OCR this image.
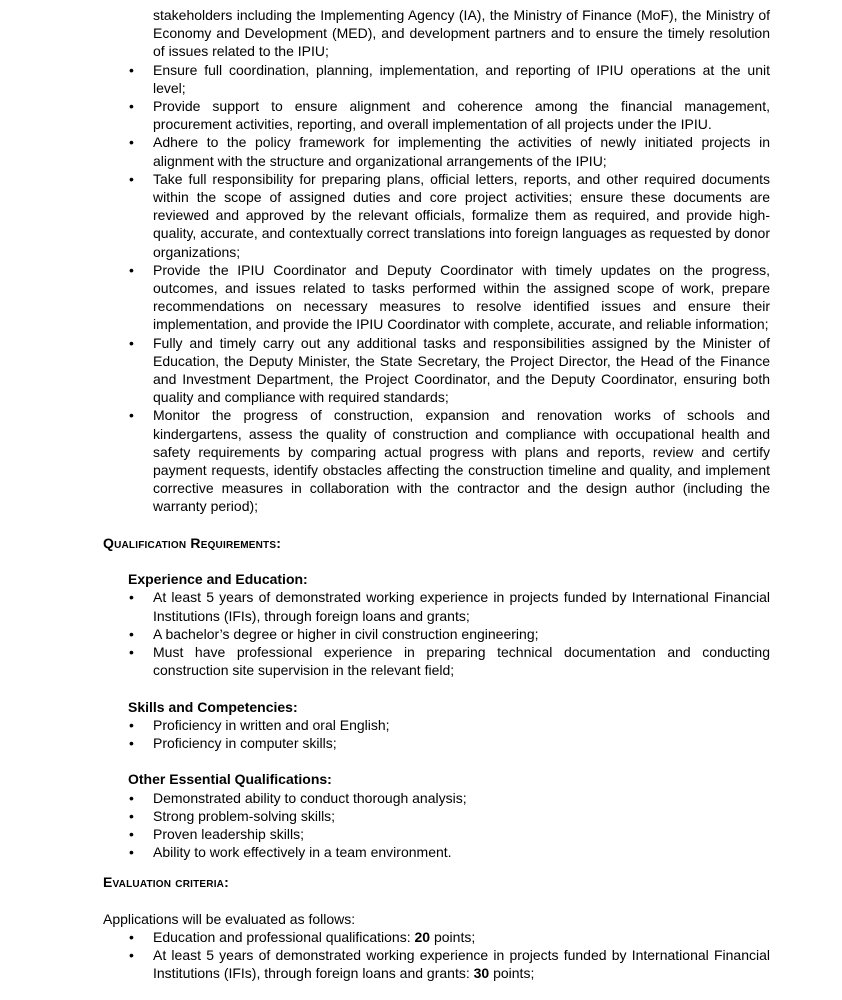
stakeholders including the Implementing Agency (IA), the Ministry of Finance (MoF), the Ministry of Economy and Development (MED), and development partners and to ensure the timely resolution of issues related to the IPIU;

• Ensure full coordination, planning, implementation, and reporting of IPIU operations at the unit level;
• Provide support to ensure alignment and coherence among the financial management, procurement activities, reporting, and overall implementation of all projects under the IPIU.
• Adhere to the policy framework for implementing the activities of newly initiated projects in alignment with the structure and organizational arrangements of the IPIU;
• Take full responsibility for preparing plans, official letters, reports, and other required documents within the scope of assigned duties and core project activities; ensure these documents are reviewed and approved by the relevant officials, formalize them as required, and provide high-quality, accurate, and contextually correct translations into foreign languages as requested by donor organizations;
• Provide the IPIU Coordinator and Deputy Coordinator with timely updates on the progress, outcomes, and issues related to tasks performed within the assigned scope of work, prepare recommendations on necessary measures to resolve identified issues and ensure their implementation, and provide the IPIU Coordinator with complete, accurate, and reliable information;
• Fully and timely carry out any additional tasks and responsibilities assigned by the Minister of Education, the Deputy Minister, the State Secretary, the Project Director, the Head of the Finance and Investment Department, the Project Coordinator, and the Deputy Coordinator, ensuring both quality and compliance with required standards;
• Monitor the progress of construction, expansion and renovation works of schools and kindergartens, assess the quality of construction and compliance with occupational health and safety requirements by comparing actual progress with plans and reports, review and certify payment requests, identify obstacles affecting the construction timeline and quality, and implement corrective measures in collaboration with the contractor and the design author (including the warranty period);
Qualification Requirements:
Experience and Education:
• At least 5 years of demonstrated working experience in projects funded by International Financial Institutions (IFIs), through foreign loans and grants;
• A bachelor’s degree or higher in civil construction engineering;
• Must have professional experience in preparing technical documentation and conducting construction site supervision in the relevant field;
Skills and Competencies:
• Proficiency in written and oral English;
• Proficiency in computer skills;
Other Essential Qualifications:
• Demonstrated ability to conduct thorough analysis;
• Strong problem-solving skills;
• Proven leadership skills;
• Ability to work effectively in a team environment.
Evaluation criteria:

Applications will be evaluated as follows:

• Education and professional qualifications: 20 points;
• At least 5 years of demonstrated working experience in projects funded by International Financial Institutions (IFIs), through foreign loans and grants: 30 points;
